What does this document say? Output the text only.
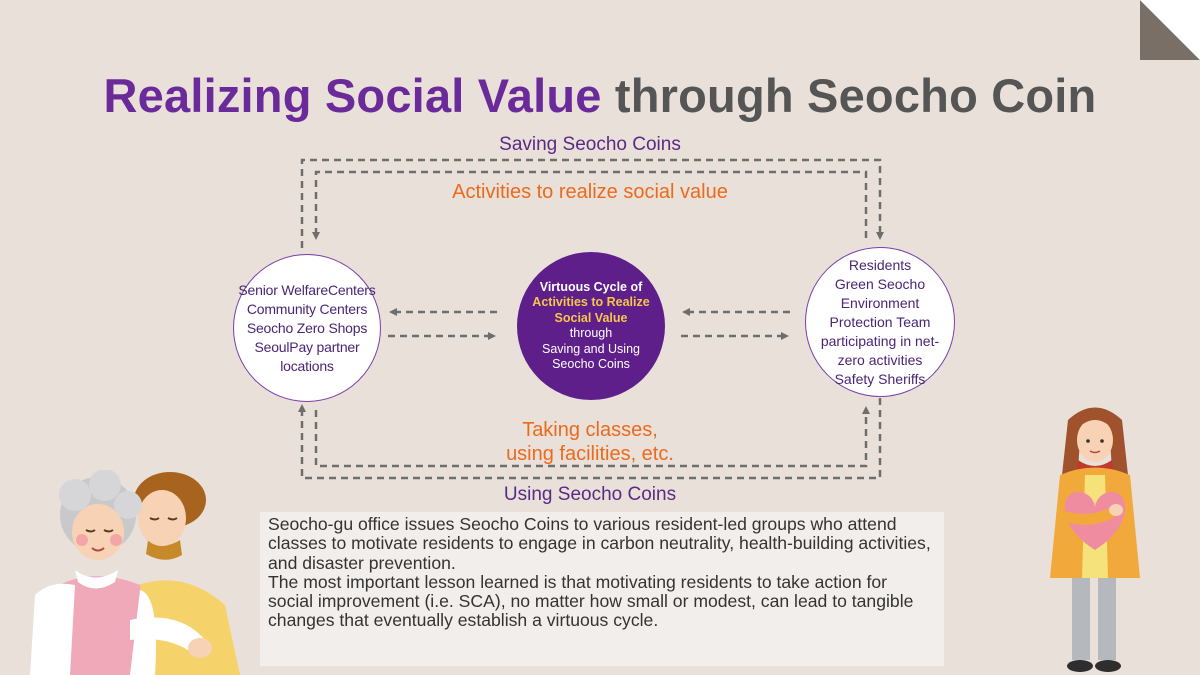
Realizing Social Value through Seocho Coin
Saving Seocho Coins
Activities to realize social value
Taking classes,
using facilities, etc.
Using Seocho Coins
Senior WelfareCenters
Community Centers
Seocho Zero Shops
SeoulPay partner
locations
Virtuous Cycle of
Activities to Realize
Social Value
through
Saving and Using
Seocho Coins
Residents
Green Seocho
Environment
Protection Team
participating in net-
zero activities
Safety Sheriffs
Seocho-gu office issues Seocho Coins to various resident-led groups who attend classes to motivate residents to engage in carbon neutrality, health-building activities, and disaster prevention.
The most important lesson learned is that motivating residents to take action for social improvement (i.e. SCA), no matter how small or modest, can lead to tangible changes that eventually establish a virtuous cycle.
